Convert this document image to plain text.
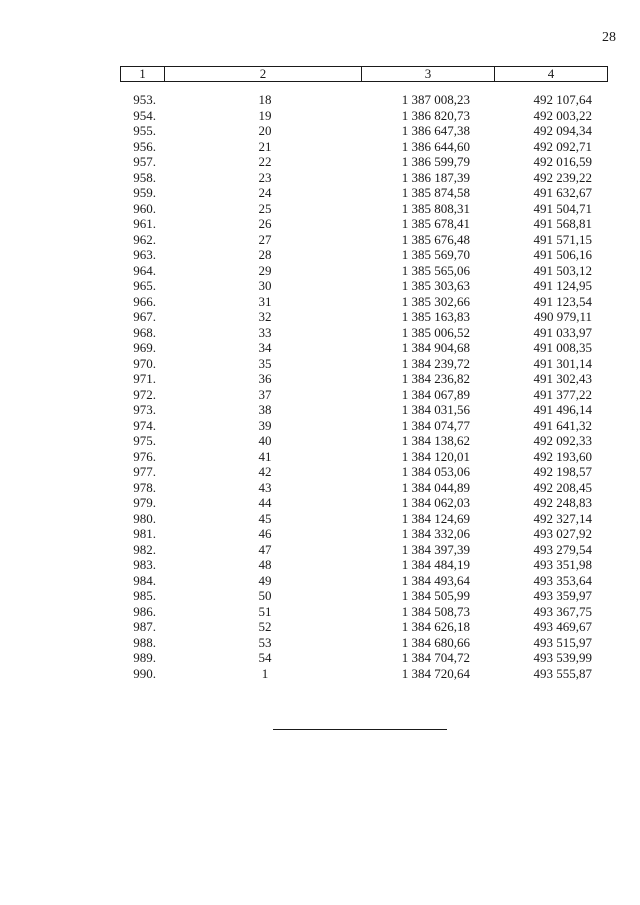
28
1	2	3	4
953.	18	1 387 008,23	492 107,64
954.	19	1 386 820,73	492 003,22
955.	20	1 386 647,38	492 094,34
956.	21	1 386 644,60	492 092,71
957.	22	1 386 599,79	492 016,59
958.	23	1 386 187,39	492 239,22
959.	24	1 385 874,58	491 632,67
960.	25	1 385 808,31	491 504,71
961.	26	1 385 678,41	491 568,81
962.	27	1 385 676,48	491 571,15
963.	28	1 385 569,70	491 506,16
964.	29	1 385 565,06	491 503,12
965.	30	1 385 303,63	491 124,95
966.	31	1 385 302,66	491 123,54
967.	32	1 385 163,83	490 979,11
968.	33	1 385 006,52	491 033,97
969.	34	1 384 904,68	491 008,35
970.	35	1 384 239,72	491 301,14
971.	36	1 384 236,82	491 302,43
972.	37	1 384 067,89	491 377,22
973.	38	1 384 031,56	491 496,14
974.	39	1 384 074,77	491 641,32
975.	40	1 384 138,62	492 092,33
976.	41	1 384 120,01	492 193,60
977.	42	1 384 053,06	492 198,57
978.	43	1 384 044,89	492 208,45
979.	44	1 384 062,03	492 248,83
980.	45	1 384 124,69	492 327,14
981.	46	1 384 332,06	493 027,92
982.	47	1 384 397,39	493 279,54
983.	48	1 384 484,19	493 351,98
984.	49	1 384 493,64	493 353,64
985.	50	1 384 505,99	493 359,97
986.	51	1 384 508,73	493 367,75
987.	52	1 384 626,18	493 469,67
988.	53	1 384 680,66	493 515,97
989.	54	1 384 704,72	493 539,99
990.	1	1 384 720,64	493 555,87
